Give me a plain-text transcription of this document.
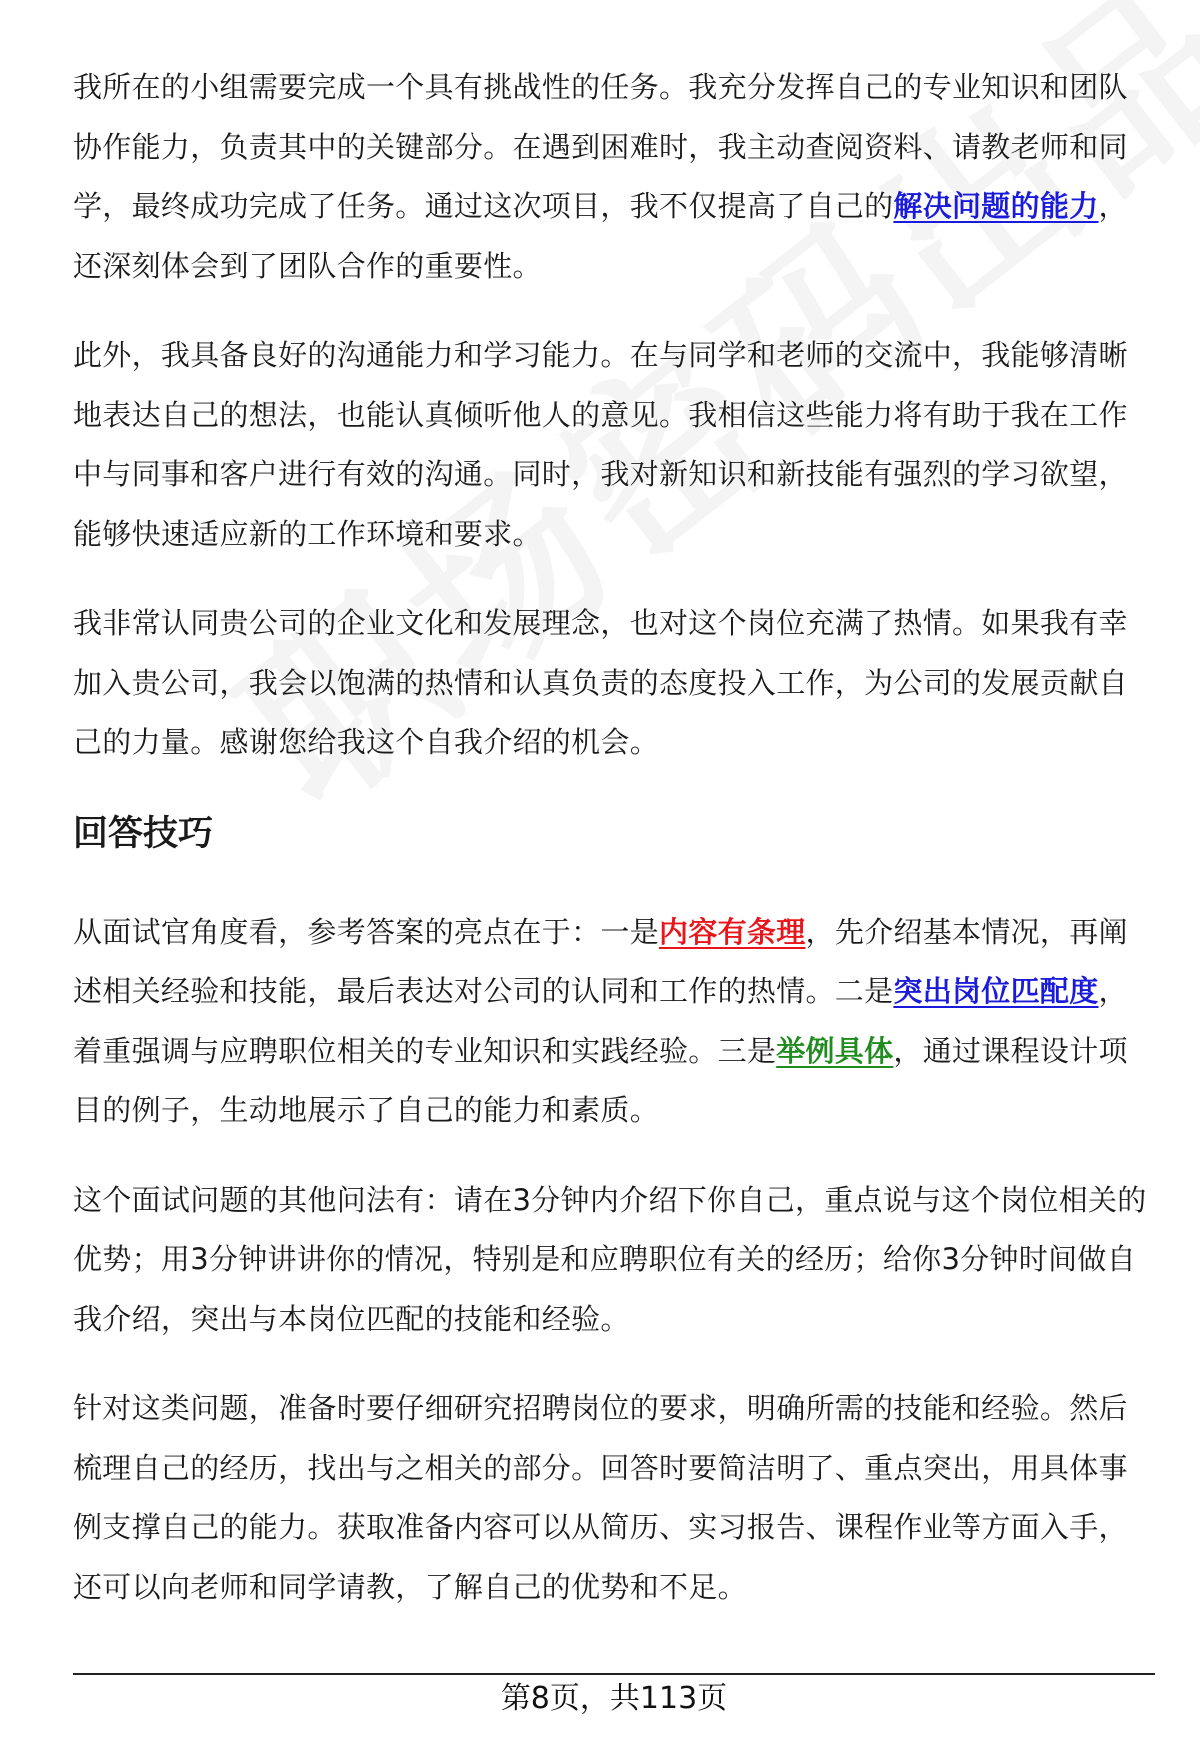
我所在的小组需要完成一个具有挑战性的任务。我充分发挥自己的专业知识和团队协作能力，负责其中的关键部分。在遇到困难时，我主动查阅资料、请教老师和同学，最终成功完成了任务。通过这次项目，我不仅提高了自己的解决问题的能力，还深刻体会到了团队合作的重要性。

此外，我具备良好的沟通能力和学习能力。在与同学和老师的交流中，我能够清晰地表达自己的想法，也能认真倾听他人的意见。我相信这些能力将有助于我在工作中与同事和客户进行有效的沟通。同时，我对新知识和新技能有强烈的学习欲望，能够快速适应新的工作环境和要求。

我非常认同贵公司的企业文化和发展理念，也对这个岗位充满了热情。如果我有幸加入贵公司，我会以饱满的热情和认真负责的态度投入工作，为公司的发展贡献自己的力量。感谢您给我这个自我介绍的机会。

回答技巧

从面试官角度看，参考答案的亮点在于：一是内容有条理，先介绍基本情况，再阐述相关经验和技能，最后表达对公司的认同和工作的热情。二是突出岗位匹配度，着重强调与应聘职位相关的专业知识和实践经验。三是举例具体，通过课程设计项目的例子，生动地展示了自己的能力和素质。

这个面试问题的其他问法有：请在3分钟内介绍下你自己，重点说与这个岗位相关的优势；用3分钟讲讲你的情况，特别是和应聘职位有关的经历；给你3分钟时间做自我介绍，突出与本岗位匹配的技能和经验。

针对这类问题，准备时要仔细研究招聘岗位的要求，明确所需的技能和经验。然后梳理自己的经历，找出与之相关的部分。回答时要简洁明了、重点突出，用具体事例支撑自己的能力。获取准备内容可以从简历、实习报告、课程作业等方面入手，还可以向老师和同学请教，了解自己的优势和不足。

第8页，共113页
